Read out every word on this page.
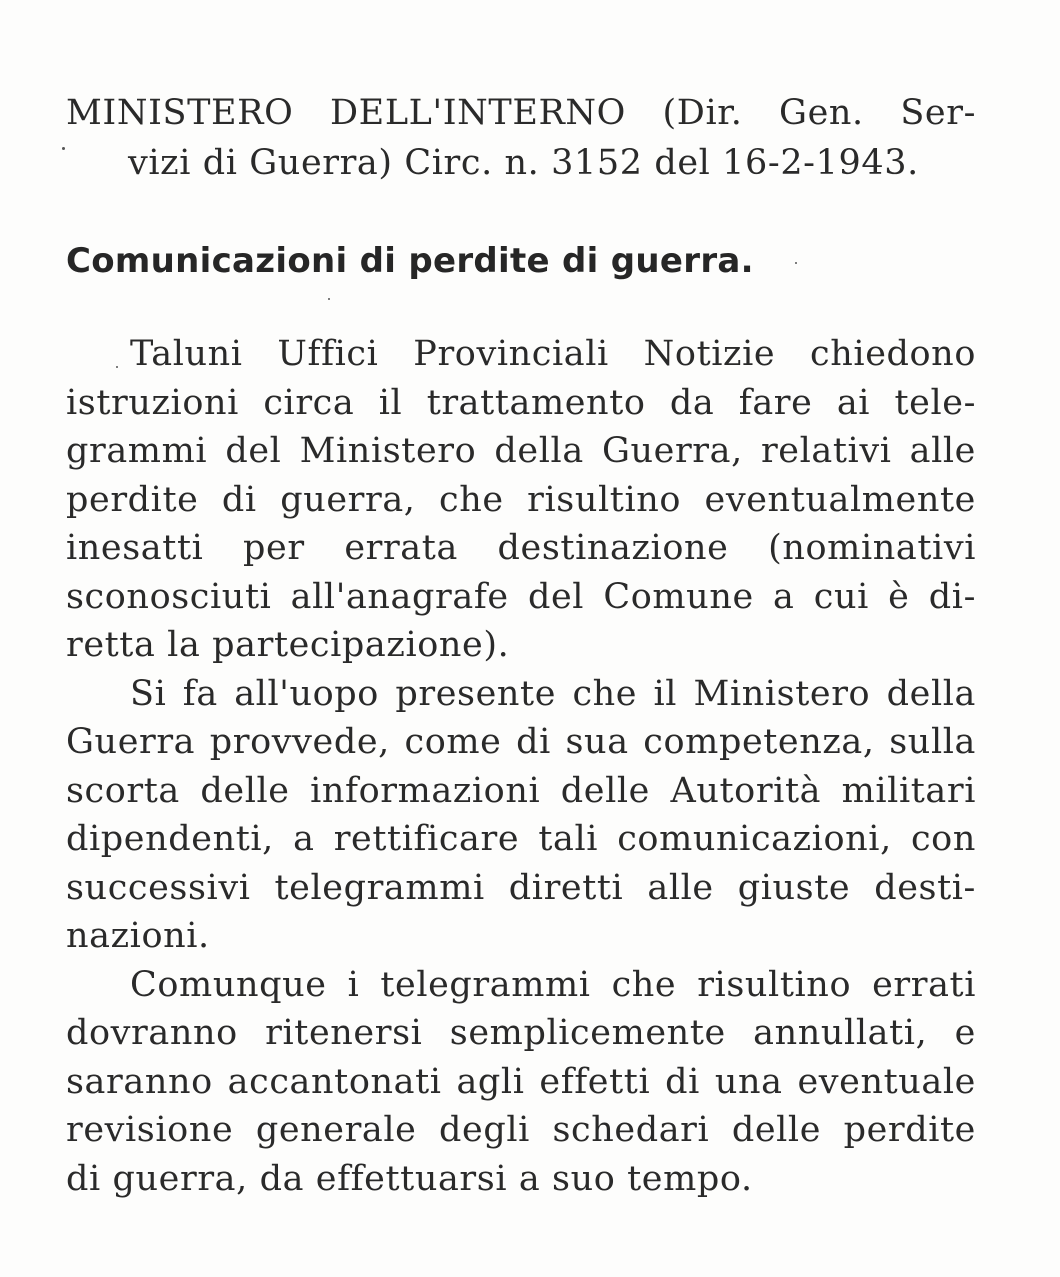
MINISTERO DELL'INTERNO (Dir. Gen. Ser-
vizi di Guerra) Circ. n. 3152 del 16-2-1943.
Comunicazioni di perdite di guerra.
Taluni Uffici Provinciali Notizie chiedono
istruzioni circa il trattamento da fare ai tele-
grammi del Ministero della Guerra, relativi alle
perdite di guerra, che risultino eventualmente
inesatti per errata destinazione (nominativi
sconosciuti all'anagrafe del Comune a cui è di-
retta la partecipazione).
Si fa all'uopo presente che il Ministero della
Guerra provvede, come di sua competenza, sulla
scorta delle informazioni delle Autorità militari
dipendenti, a rettificare tali comunicazioni, con
successivi telegrammi diretti alle giuste desti-
nazioni.
Comunque i telegrammi che risultino errati
dovranno ritenersi semplicemente annullati, e
saranno accantonati agli effetti di una eventuale
revisione generale degli schedari delle perdite
di guerra, da effettuarsi a suo tempo.
